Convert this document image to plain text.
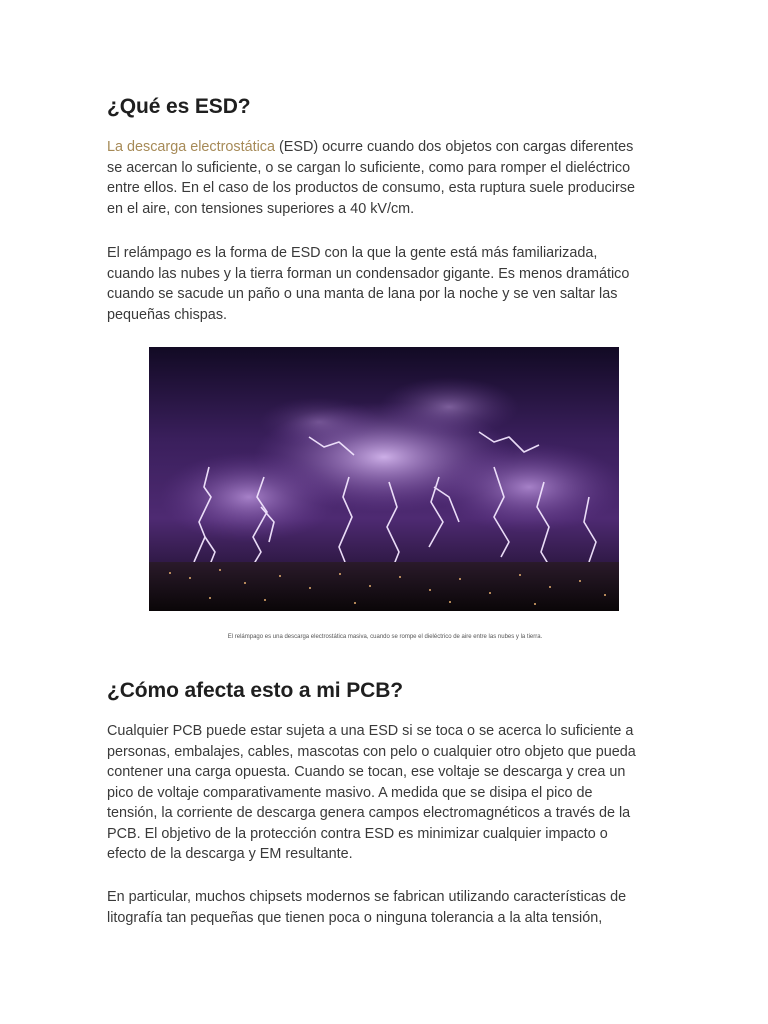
¿Qué es ESD?

La descarga electrostática (ESD) ocurre cuando dos objetos con cargas diferentes
se acercan lo suficiente, o se cargan lo suficiente, como para romper el dieléctrico
entre ellos. En el caso de los productos de consumo, esta ruptura suele producirse
en el aire, con tensiones superiores a 40 kV/cm.

El relámpago es la forma de ESD con la que la gente está más familiarizada,
cuando las nubes y la tierra forman un condensador gigante. Es menos dramático
cuando se sacude un paño o una manta de lana por la noche y se ven saltar las
pequeñas chispas.

¿Cómo afecta esto a mi PCB?

Cualquier PCB puede estar sujeta a una ESD si se toca o se acerca lo suficiente a
personas, embalajes, cables, mascotas con pelo o cualquier otro objeto que pueda
contener una carga opuesta. Cuando se tocan, ese voltaje se descarga y crea un
pico de voltaje comparativamente masivo. A medida que se disipa el pico de
tensión, la corriente de descarga genera campos electromagnéticos a través de la
PCB. El objetivo de la protección contra ESD es minimizar cualquier impacto o
efecto de la descarga y EM resultante.

En particular, muchos chipsets modernos se fabrican utilizando características de
litografía tan pequeñas que tienen poca o ninguna tolerancia a la alta tensión,

El relámpago es una descarga electrostática masiva, cuando se rompe el dieléctrico de aire entre las nubes y la tierra.
